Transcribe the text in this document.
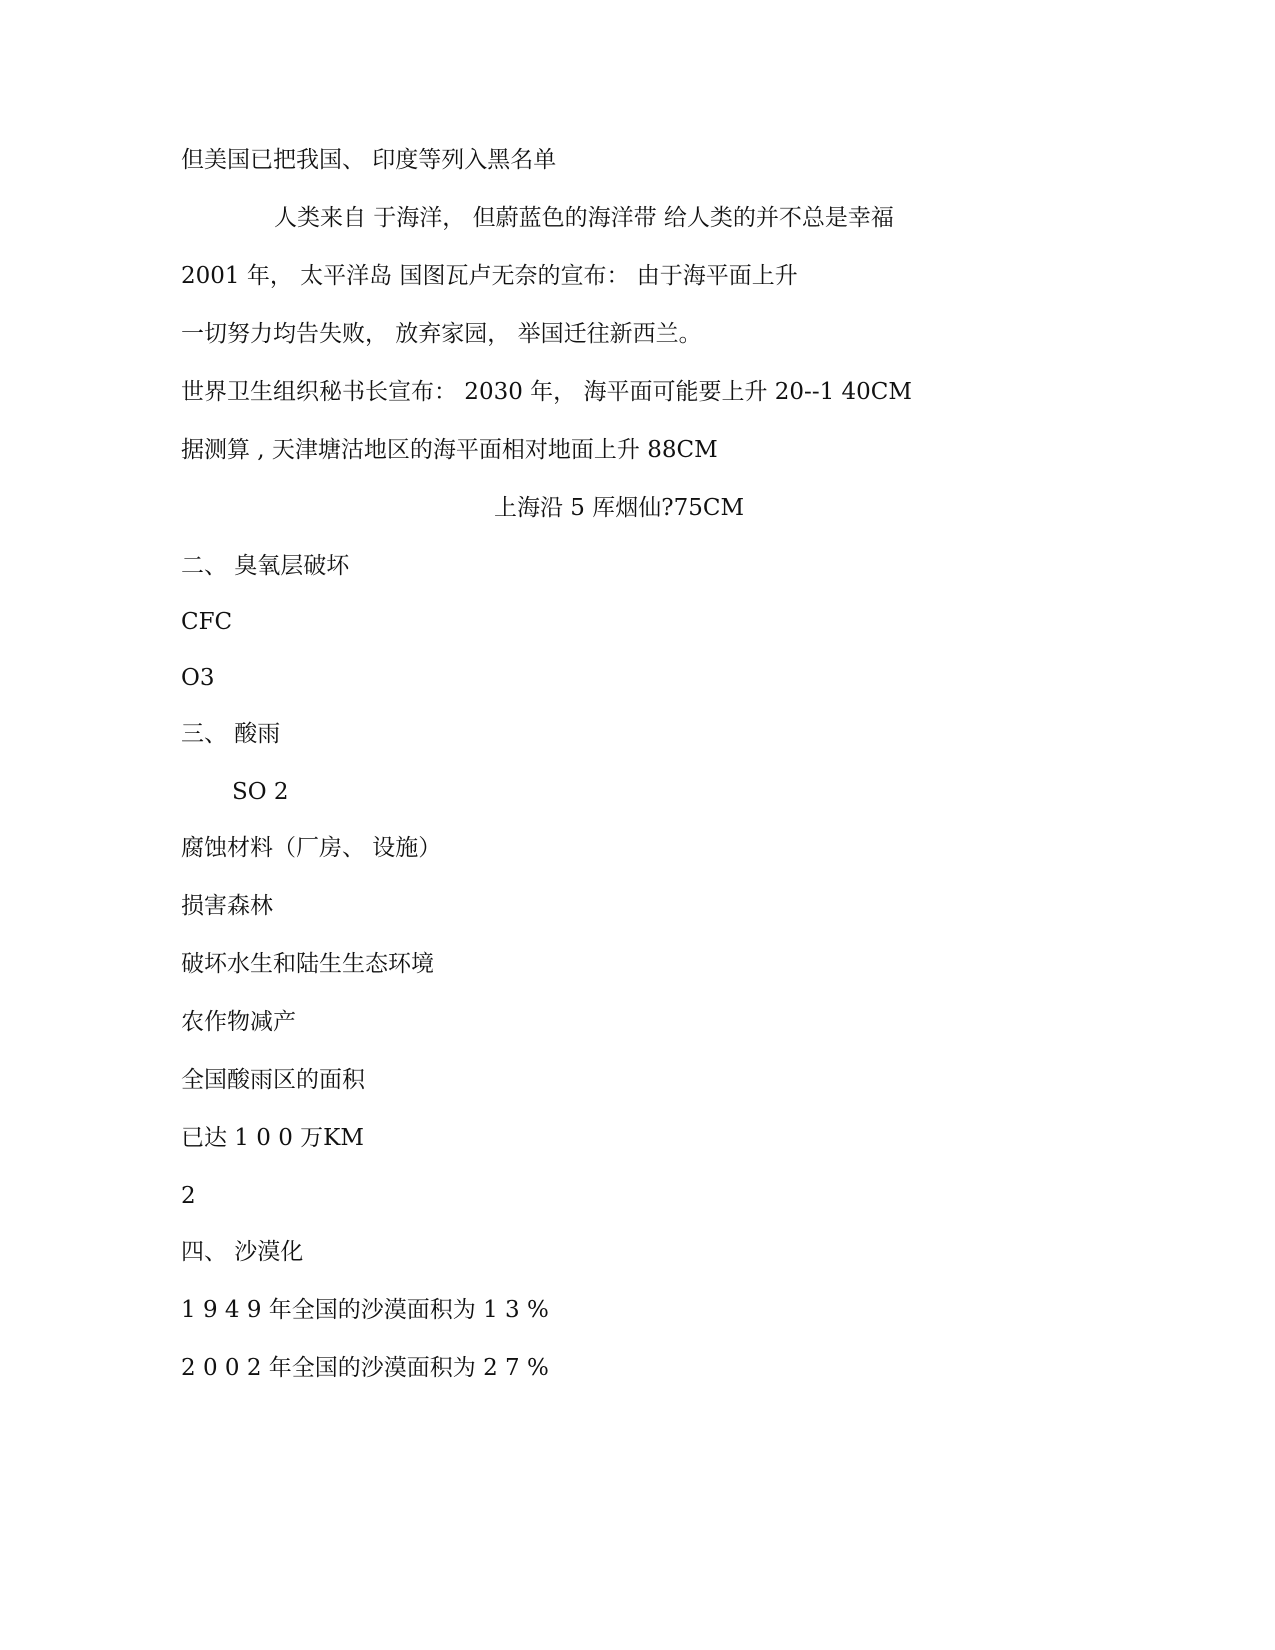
但美国已把我国、 印度等列入黑名单

人类来自 于海洋， 但蔚蓝色的海洋带 给人类的并不总是幸福

2001 年， 太平洋岛 国图瓦卢无奈的宣布： 由于海平面上升

一切努力均告失败， 放弃家园， 举国迁往新西兰。

世界卫生组织秘书长宣布： 2030 年， 海平面可能要上升 20--1 40CM

据测算 , 天津塘沽地区的海平面相对地面上升 88CM

上海沿 5 厍烟仙?75CM

二、 臭氧层破坏

CFC

O3

三、 酸雨

SO 2

腐蚀材料（厂房、 设施）

损害森林

破坏水生和陆生生态环境

农作物减产

全国酸雨区的面积

已达 1 0 0 万KM

2

四、 沙漠化

1 9 4 9 年全国的沙漠面积为 1 3 %

2 0 0 2 年全国的沙漠面积为 2 7 %
